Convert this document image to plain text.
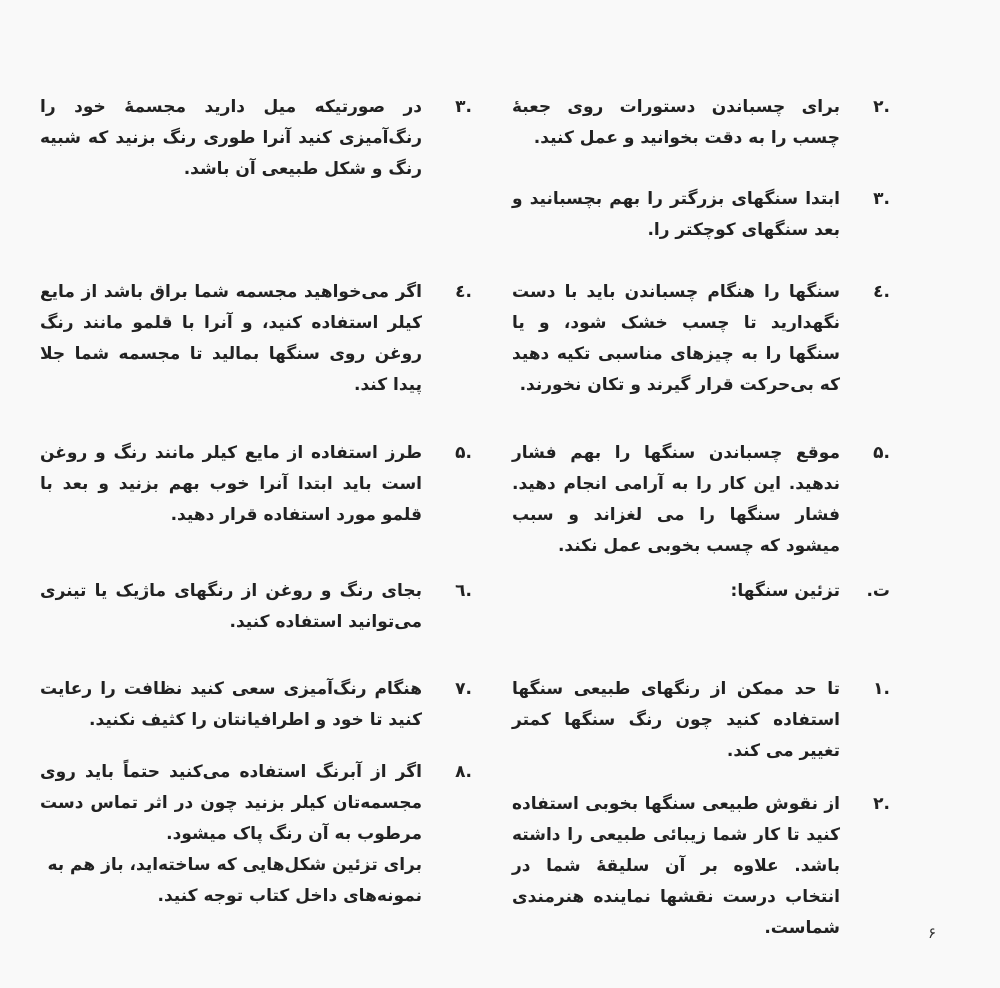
.۲

برای چسباندن دستورات روی جعبهٔ چسب را به دقت بخوانید و عمل کنید.

.۳

ابتدا سنگهای بزرگتر را بهم بچسبانید و بعد سنگهای کوچکتر را.

.٤

سنگها را هنگام چسباندن باید با دست نگهدارید تا چسب خشک شود، و یا سنگها را به چیزهای مناسبی تکیه دهید که بی‌حرکت قرار گیرند و تکان نخورند.

.۵

موقع چسباندن سنگها را بهم فشار ندهید. این کار را به آرامی انجام دهید. فشار سنگها را می لغزاند و سبب میشود که چسب بخوبی عمل نکند.

ت.

تزئین سنگها:

.۱

تا حد ممکن از رنگهای طبیعی سنگها استفاده کنید چون رنگ سنگها کمتر تغییر می کند.

.۲

از نقوش طبیعی سنگها بخوبی استفاده کنید تا کار شما زیبائی طبیعی را داشته باشد. علاوه بر آن سلیقهٔ شما در انتخاب درست نقشها نماینده هنرمندی شماست.

.۳

در صورتیکه میل دارید مجسمهٔ خود را رنگ‌آمیزی کنید آنرا طوری رنگ بزنید که شبیه رنگ و شکل طبیعی آن باشد.

.٤

اگر می‌خواهید مجسمه شما براق باشد از مایع کیلر استفاده کنید، و آنرا با قلمو مانند رنگ روغن روی سنگها بمالید تا مجسمه شما جلا پیدا کند.

.۵

طرز استفاده از مایع کیلر مانند رنگ و روغن است باید ابتدا آنرا خوب بهم بزنید و بعد با قلمو مورد استفاده قرار دهید.

.٦

بجای رنگ و روغن از رنگهای ماژیک یا تینری می‌توانید استفاده کنید.

.۷

هنگام رنگ‌آمیزی سعی کنید نظافت را رعایت کنید تا خود و اطرافیانتان را کثیف نکنید.

.۸

اگر از آبرنگ استفاده می‌کنید حتماً باید روی مجسمه‌تان کیلر بزنید چون در اثر تماس دست مرطوب به آن رنگ پاک میشود.

برای تزئین شکل‌هایی که ساخته‌اید، باز هم به نمونه‌های داخل کتاب توجه کنید.

۶
